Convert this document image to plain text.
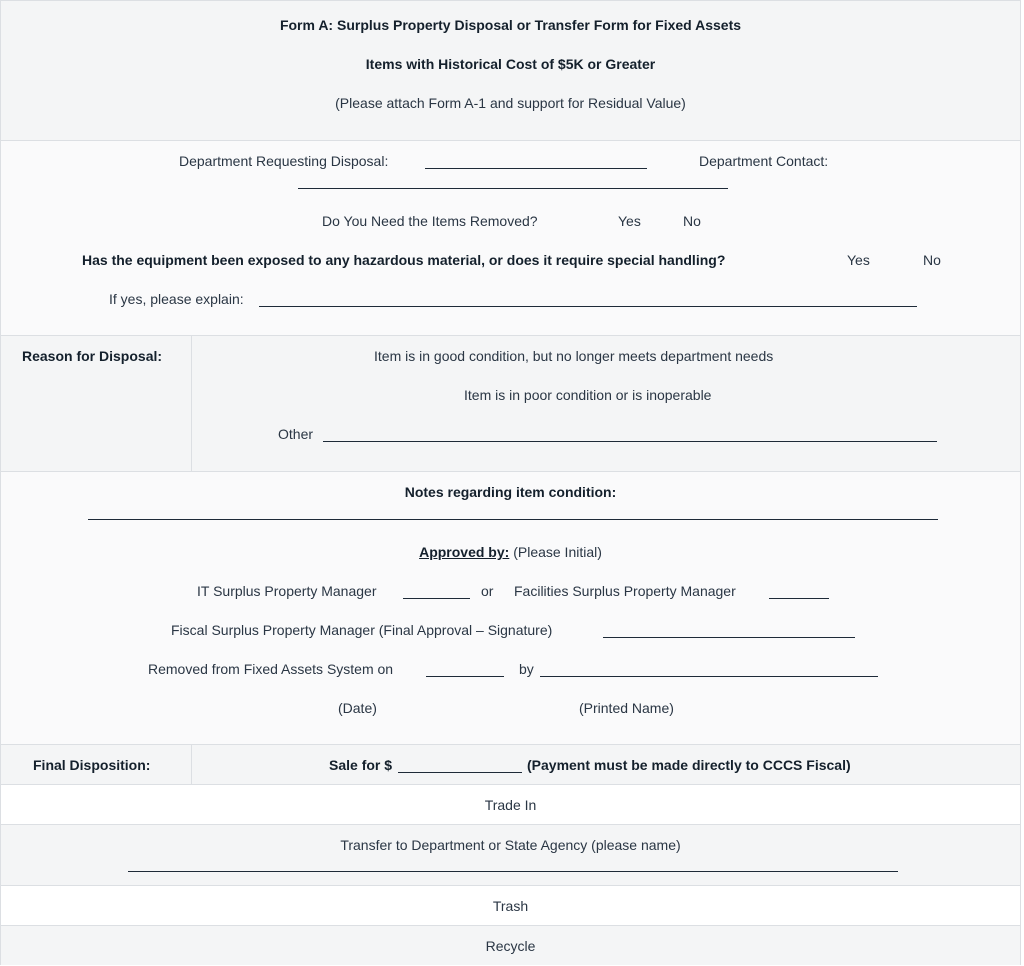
Form A: Surplus Property Disposal or Transfer Form for Fixed Assets
Items with Historical Cost of $5K or Greater
(Please attach Form A-1 and support for Residual Value)
Department Requesting Disposal:	Department Contact:
Do You Need the Items Removed?	Yes	No
Has the equipment been exposed to any hazardous material, or does it require special handling?	Yes	No
If yes, please explain:
Reason for Disposal:	Item is in good condition, but no longer meets department needs
Item is in poor condition or is inoperable
Other
Notes regarding item condition:
Approved by: (Please Initial)
IT Surplus Property Manager	or Facilities Surplus Property Manager
Fiscal Surplus Property Manager (Final Approval – Signature)
Removed from Fixed Assets System on	by
(Date)	(Printed Name)
Final Disposition:	Sale for $	(Payment must be made directly to CCCS Fiscal)
Trade In
Transfer to Department or State Agency (please name)
Trash
Recycle
